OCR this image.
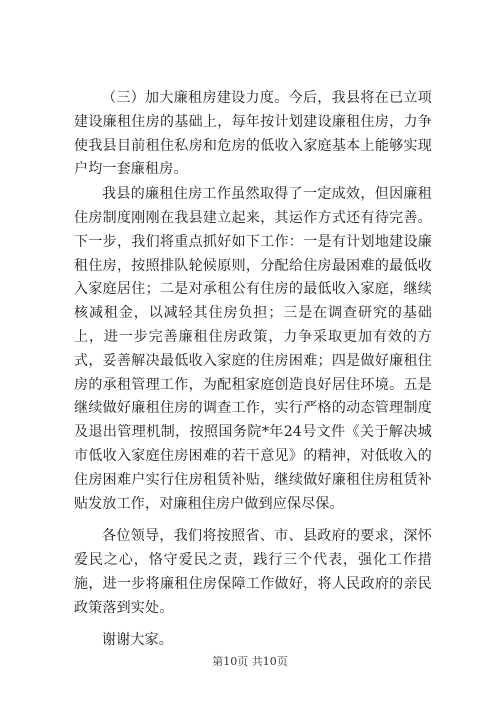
（三）加大廉租房建设力度。今后，我县将在已立项建设廉租住房的基础上，每年按计划建设廉租住房，力争使我县目前租住私房和危房的低收入家庭基本上能够实现户均一套廉租房。

我县的廉租住房工作虽然取得了一定成效，但因廉租住房制度刚刚在我县建立起来，其运作方式还有待完善。下一步，我们将重点抓好如下工作：一是有计划地建设廉租住房，按照排队轮候原则，分配给住房最困难的最低收入家庭居住；二是对承租公有住房的最低收入家庭，继续核减租金，以减轻其住房负担；三是在调查研究的基础上，进一步完善廉租住房政策，力争采取更加有效的方式，妥善解决最低收入家庭的住房困难；四是做好廉租住房的承租管理工作，为配租家庭创造良好居住环境。五是继续做好廉租住房的调查工作，实行严格的动态管理制度及退出管理机制，按照国务院*年24号文件《关于解决城市低收入家庭住房困难的若干意见》的精神，对低收入的住房困难户实行住房租赁补贴，继续做好廉租住房租赁补贴发放工作，对廉租住房户做到应保尽保。

各位领导，我们将按照省、市、县政府的要求，深怀爱民之心，恪守爱民之责，践行三个代表，强化工作措施，进一步将廉租住房保障工作做好，将人民政府的亲民政策落到实处。

谢谢大家。

第10页 共10页
